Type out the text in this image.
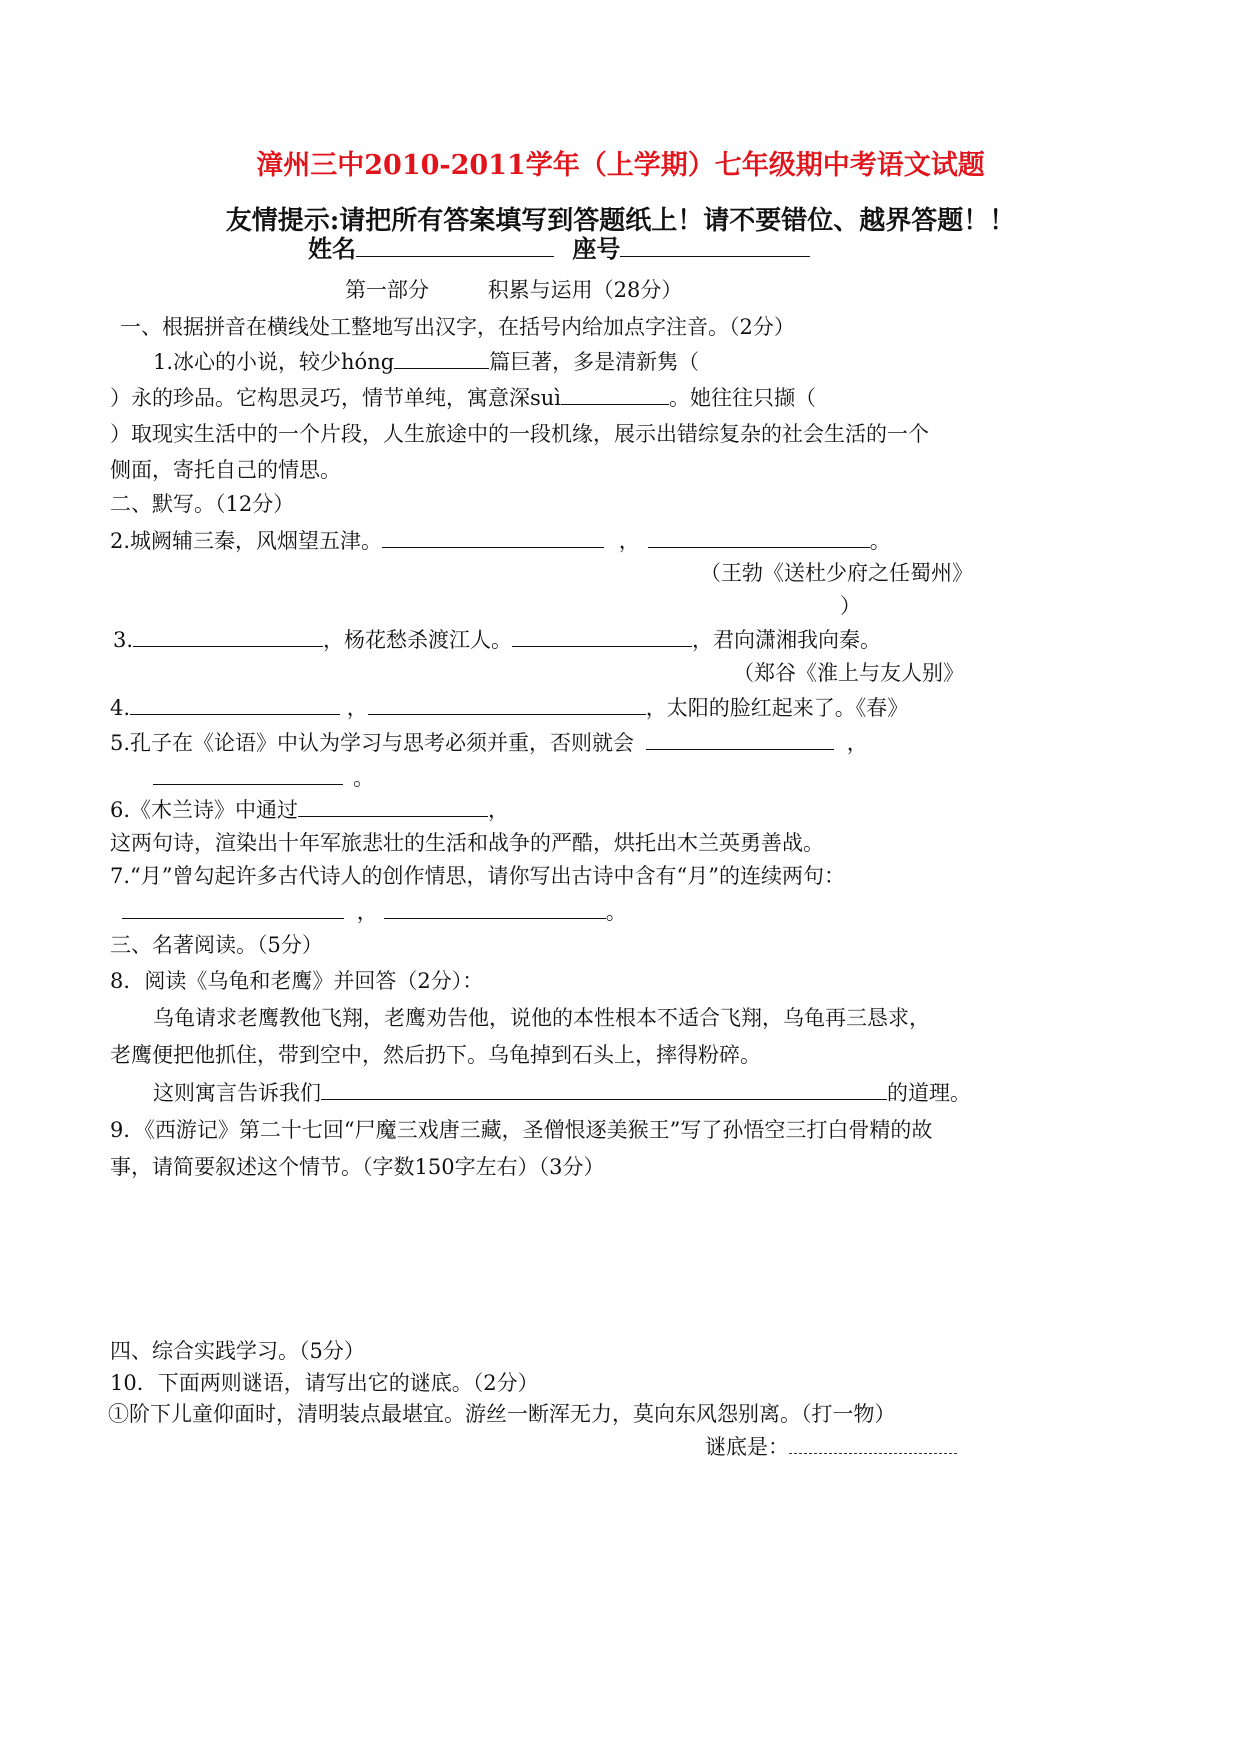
漳州三中2010-2011学年（上学期）七年级期中考语文试题
友情提示:请把所有答案填写到答题纸上！请不要错位、越界答题！！
姓名	座号
第一部分	积累与运用（28分）
一、根据拼音在横线处工整地写出汉字，在括号内给加点字注音。（2分）
1.冰心的小说，较少hóng	篇巨著，多是清新隽（
）永的珍品。它构思灵巧，情节单纯，寓意深suì	。她往往只撷（
）取现实生活中的一个片段，人生旅途中的一段机缘，展示出错综复杂的社会生活的一个
侧面，寄托自己的情思。
二、默写。（12分）
2.城阙辅三秦，风烟望五津。	，	。
（王勃《送杜少府之任蜀州》
）
3.	，杨花愁杀渡江人。	，君向潇湘我向秦。
（郑谷《淮上与友人别》
4.	，	，太阳的脸红起来了。《春》
5.孔子在《论语》中认为学习与思考必须并重，否则就会	，
。
6.《木兰诗》中通过	，
这两句诗，渲染出十年军旅悲壮的生活和战争的严酷，烘托出木兰英勇善战。
7.“月”曾勾起许多古代诗人的创作情思，请你写出古诗中含有“月”的连续两句：
，	。
三、名著阅读。（5分）
8．阅读《乌龟和老鹰》并回答（2分）：
乌龟请求老鹰教他飞翔，老鹰劝告他，说他的本性根本不适合飞翔，乌龟再三恳求，
老鹰便把他抓住，带到空中，然后扔下。乌龟掉到石头上，摔得粉碎。
这则寓言告诉我们	的道理。
9．《西游记》第二十七回“尸魔三戏唐三藏，圣僧恨逐美猴王”写了孙悟空三打白骨精的故
事，请简要叙述这个情节。（字数150字左右）（3分）
四、综合实践学习。（5分）
10．下面两则谜语，请写出它的谜底。（2分）
①阶下儿童仰面时，清明装点最堪宜。游丝一断浑无力，莫向东风怨别离。（打一物）
谜底是：
